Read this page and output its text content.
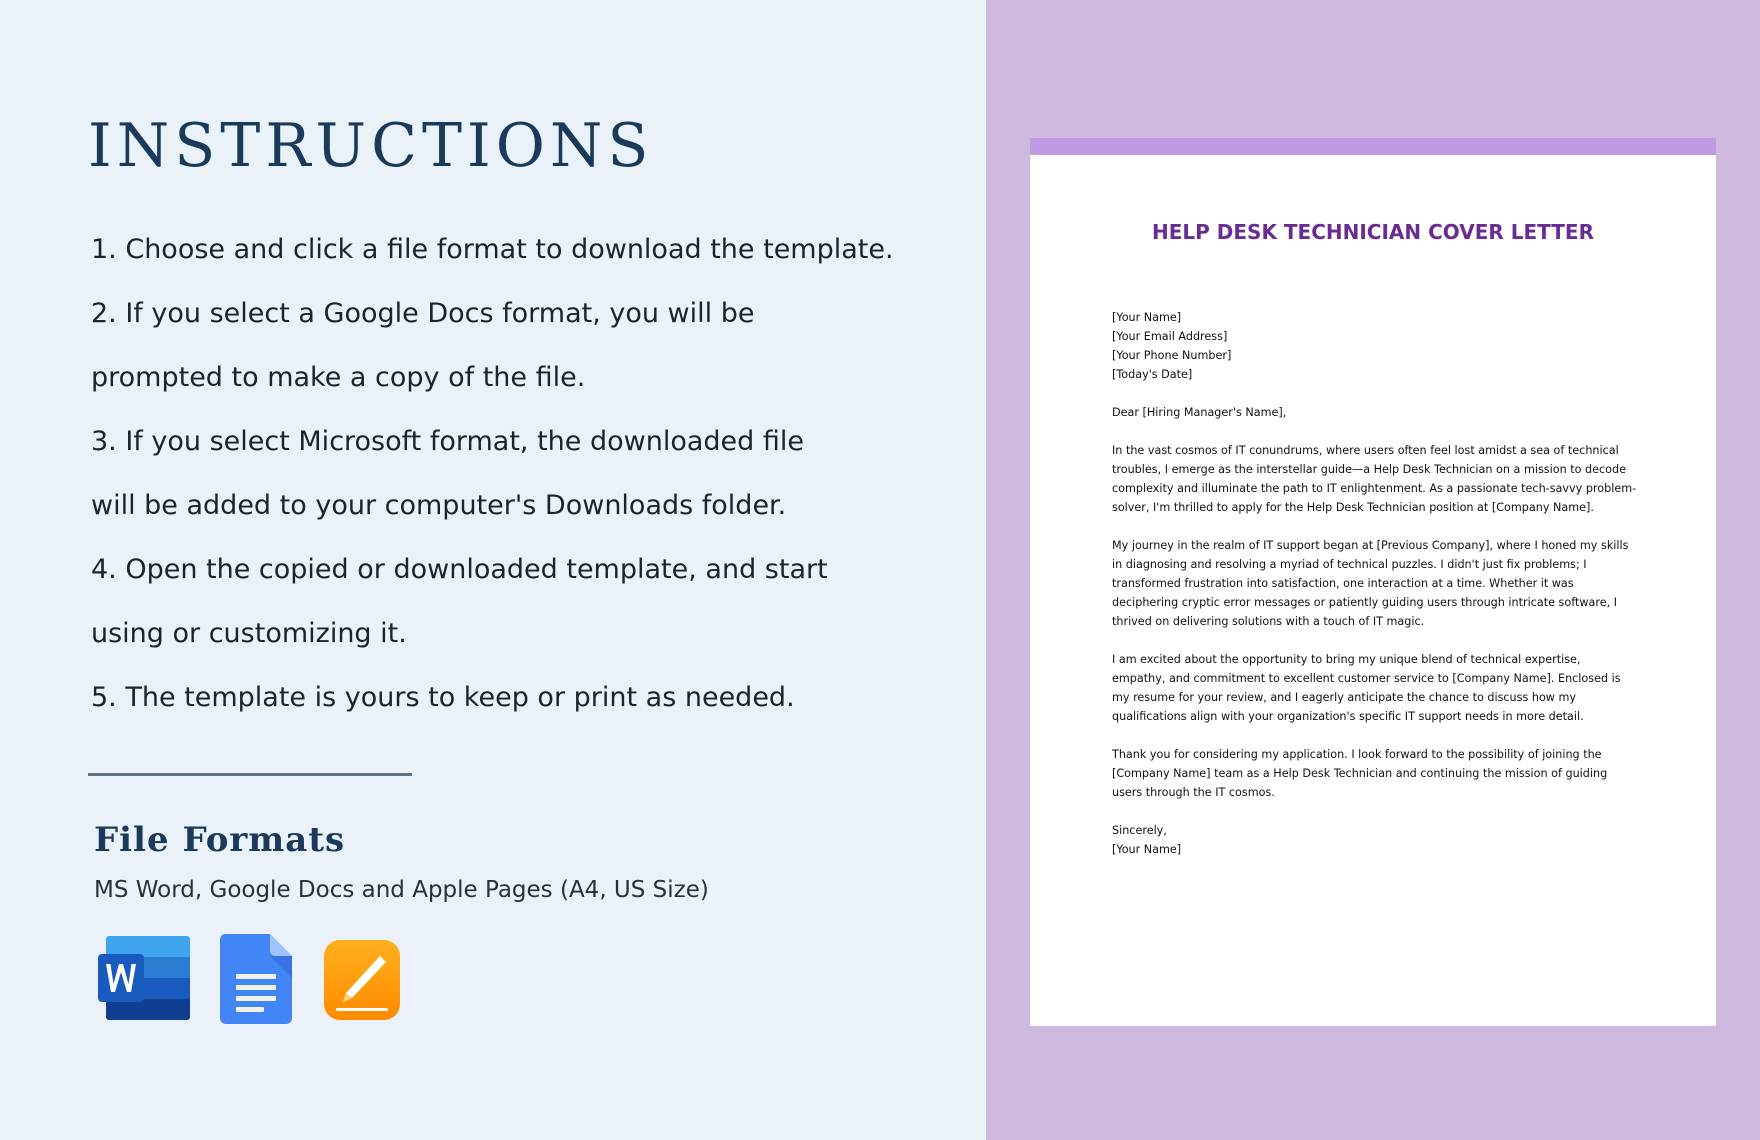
INSTRUCTIONS
1. Choose and click a file format to download the template.
2. If you select a Google Docs format, you will be
prompted to make a copy of the file.
3. If you select Microsoft format, the downloaded file
will be added to your computer's Downloads folder.
4. Open the copied or downloaded template, and start
using or customizing it.
5. The template is yours to keep or print as needed.
File Formats
MS Word, Google Docs and Apple Pages (A4, US Size)
HELP DESK TECHNICIAN COVER LETTER
[Your Name]
[Your Email Address]
[Your Phone Number]
[Today's Date]
Dear [Hiring Manager's Name],
In the vast cosmos of IT conundrums, where users often feel lost amidst a sea of technical
troubles, I emerge as the interstellar guide—a Help Desk Technician on a mission to decode
complexity and illuminate the path to IT enlightenment. As a passionate tech-savvy problem-
solver, I'm thrilled to apply for the Help Desk Technician position at [Company Name].
My journey in the realm of IT support began at [Previous Company], where I honed my skills
in diagnosing and resolving a myriad of technical puzzles. I didn't just fix problems; I
transformed frustration into satisfaction, one interaction at a time. Whether it was
deciphering cryptic error messages or patiently guiding users through intricate software, I
thrived on delivering solutions with a touch of IT magic.
I am excited about the opportunity to bring my unique blend of technical expertise,
empathy, and commitment to excellent customer service to [Company Name]. Enclosed is
my resume for your review, and I eagerly anticipate the chance to discuss how my
qualifications align with your organization's specific IT support needs in more detail.
Thank you for considering my application. I look forward to the possibility of joining the
[Company Name] team as a Help Desk Technician and continuing the mission of guiding
users through the IT cosmos.
Sincerely,
[Your Name]
